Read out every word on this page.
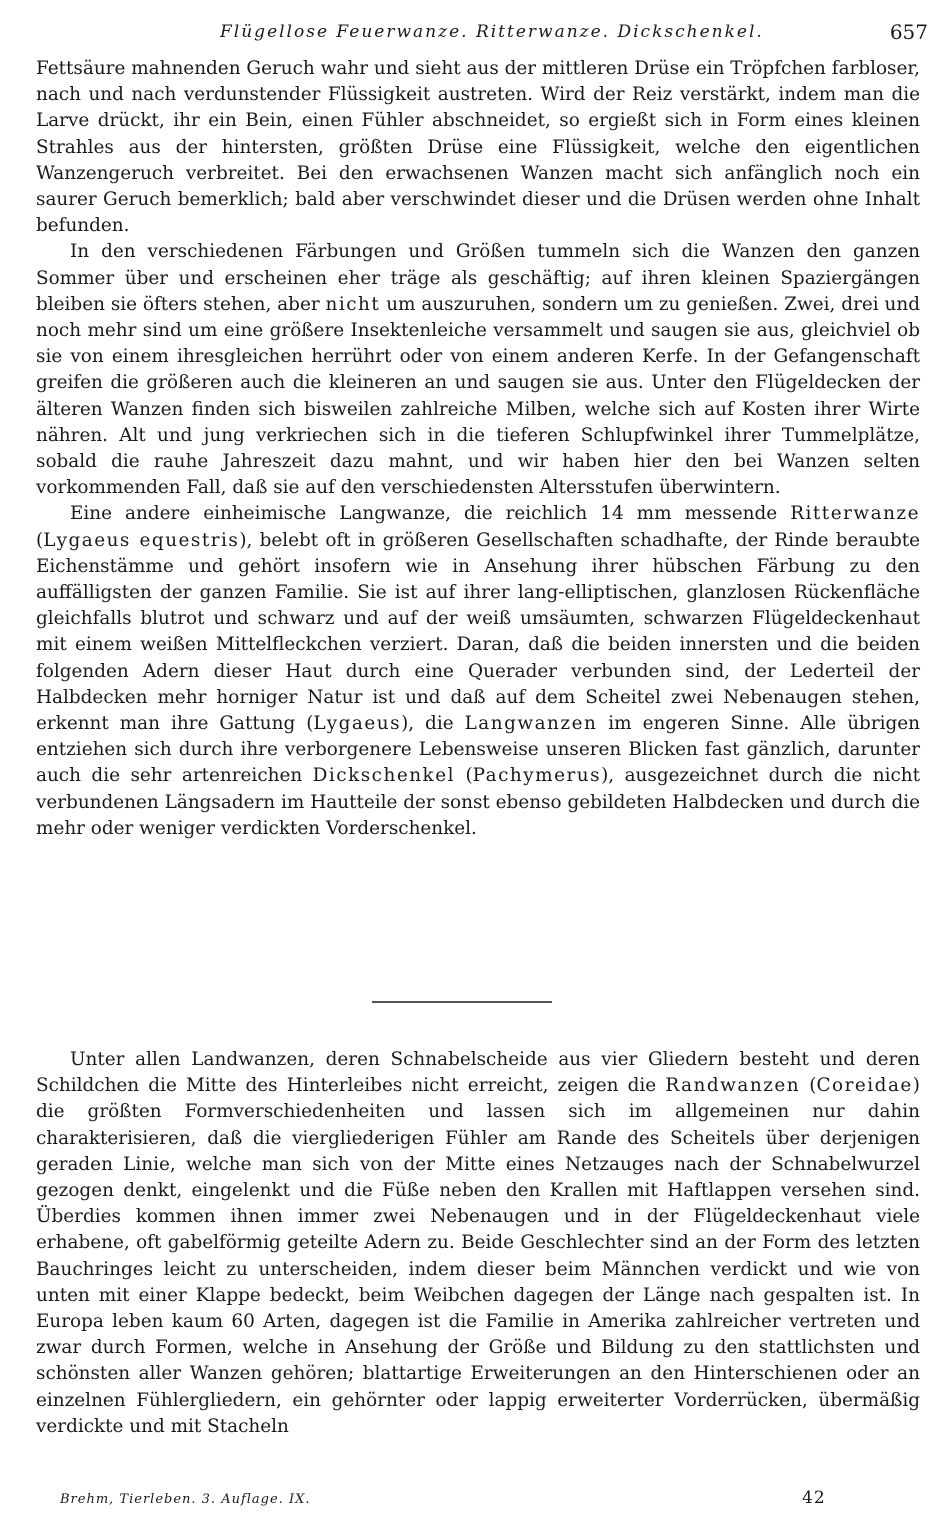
Flügellose Feuerwanze. Ritterwanze. Dickschenkel.	657

Fettsäure mahnenden Geruch wahr und sieht aus der mittleren Drüse ein Tröpfchen farbloser, nach und nach verdunstender Flüssigkeit austreten. Wird der Reiz verstärkt, indem man die Larve drückt, ihr ein Bein, einen Fühler abschneidet, so ergießt sich in Form eines kleinen Strahles aus der hintersten, größten Drüse eine Flüssigkeit, welche den eigentlichen Wanzengeruch verbreitet. Bei den erwachsenen Wanzen macht sich anfänglich noch ein saurer Geruch bemerklich; bald aber verschwindet dieser und die Drüsen werden ohne Inhalt befunden.

In den verschiedenen Färbungen und Größen tummeln sich die Wanzen den ganzen Sommer über und erscheinen eher träge als geschäftig; auf ihren kleinen Spaziergängen bleiben sie öfters stehen, aber nicht um auszuruhen, sondern um zu genießen. Zwei, drei und noch mehr sind um eine größere Insektenleiche versammelt und saugen sie aus, gleichviel ob sie von einem ihresgleichen herrührt oder von einem anderen Kerfe. In der Gefangenschaft greifen die größeren auch die kleineren an und saugen sie aus. Unter den Flügeldecken der älteren Wanzen finden sich bisweilen zahlreiche Milben, welche sich auf Kosten ihrer Wirte nähren. Alt und jung verkriechen sich in die tieferen Schlupfwinkel ihrer Tummelplätze, sobald die rauhe Jahreszeit dazu mahnt, und wir haben hier den bei Wanzen selten vorkommenden Fall, daß sie auf den verschiedensten Altersstufen überwintern.

Eine andere einheimische Langwanze, die reichlich 14 mm messende Ritterwanze (Lygaeus equestris), belebt oft in größeren Gesellschaften schadhafte, der Rinde beraubte Eichenstämme und gehört insofern wie in Ansehung ihrer hübschen Färbung zu den auffälligsten der ganzen Familie. Sie ist auf ihrer lang-elliptischen, glanzlosen Rückenfläche gleichfalls blutrot und schwarz und auf der weiß umsäumten, schwarzen Flügeldeckenhaut mit einem weißen Mittelfleckchen verziert. Daran, daß die beiden innersten und die beiden folgenden Adern dieser Haut durch eine Querader verbunden sind, der Lederteil der Halbdecken mehr horniger Natur ist und daß auf dem Scheitel zwei Nebenaugen stehen, erkennt man ihre Gattung (Lygaeus), die Langwanzen im engeren Sinne. Alle übrigen entziehen sich durch ihre verborgenere Lebensweise unseren Blicken fast gänzlich, darunter auch die sehr artenreichen Dickschenkel (Pachymerus), ausgezeichnet durch die nicht verbundenen Längsadern im Hautteile der sonst ebenso gebildeten Halbdecken und durch die mehr oder weniger verdickten Vorderschenkel.

Unter allen Landwanzen, deren Schnabelscheide aus vier Gliedern besteht und deren Schildchen die Mitte des Hinterleibes nicht erreicht, zeigen die Randwanzen (Coreidae) die größten Formverschiedenheiten und lassen sich im allgemeinen nur dahin charakterisieren, daß die viergliederigen Fühler am Rande des Scheitels über derjenigen geraden Linie, welche man sich von der Mitte eines Netzauges nach der Schnabelwurzel gezogen denkt, eingelenkt und die Füße neben den Krallen mit Haftlappen versehen sind. Überdies kommen ihnen immer zwei Nebenaugen und in der Flügeldeckenhaut viele erhabene, oft gabelförmig geteilte Adern zu. Beide Geschlechter sind an der Form des letzten Bauchringes leicht zu unterscheiden, indem dieser beim Männchen verdickt und wie von unten mit einer Klappe bedeckt, beim Weibchen dagegen der Länge nach gespalten ist. In Europa leben kaum 60 Arten, dagegen ist die Familie in Amerika zahlreicher vertreten und zwar durch Formen, welche in Ansehung der Größe und Bildung zu den stattlichsten und schönsten aller Wanzen gehören; blattartige Erweiterungen an den Hinterschienen oder an einzelnen Fühlergliedern, ein gehörnter oder lappig erweiterter Vorderrücken, übermäßig verdickte und mit Stacheln

Brehm, Tierleben. 3. Auflage. IX.	42
